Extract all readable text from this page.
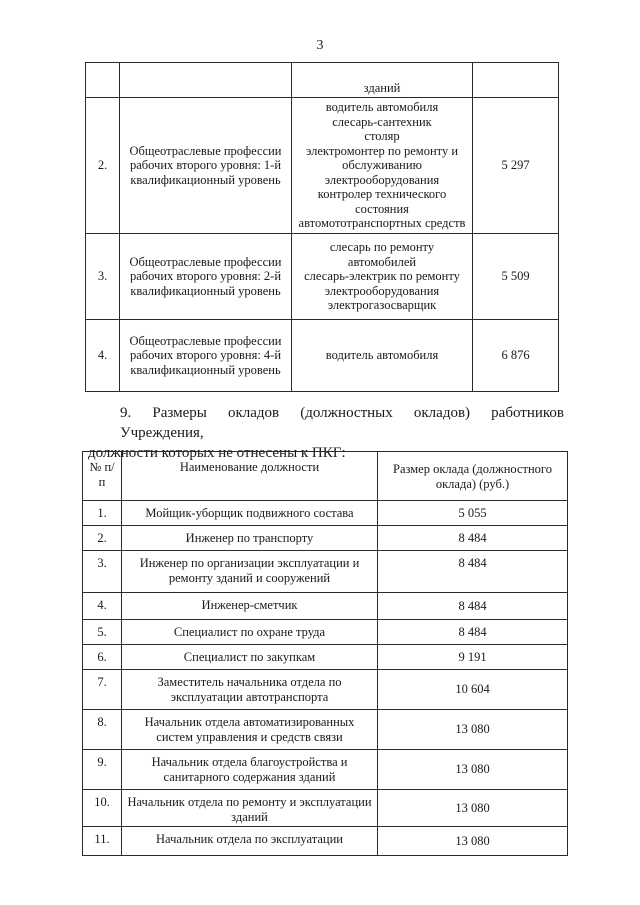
3
		зданий	
2.	Общеотраслевые профессии рабочих второго уровня: 1-й квалификационный уровень	водитель автомобиля
слесарь-сантехник
столяр
электромонтер по ремонту и обслуживанию электрооборудования
контролер технического состояния автомототранспортных средств	5 297
3.	Общеотраслевые профессии рабочих второго уровня: 2-й квалификационный уровень	слесарь по ремонту автомобилей
слесарь-электрик по ремонту электрооборудования
электрогазосварщик	5 509
4.	Общеотраслевые профессии рабочих второго уровня: 4-й квалификационный уровень	водитель автомобиля	6 876
9. Размеры окладов (должностных окладов) работников Учреждения,
должности которых не отнесены к ПКГ:
№ п/п	Наименование должности	Размер оклада (должностного оклада) (руб.)
1.	Мойщик-уборщик подвижного состава	5 055
2.	Инженер по транспорту	8 484
3.	Инженер по организации эксплуатации и ремонту зданий и сооружений	8 484
4.	Инженер-сметчик	8 484
5.	Специалист по охране труда	8 484
6.	Специалист по закупкам	9 191
7.	Заместитель начальника отдела по эксплуатации автотранспорта	10 604
8.	Начальник отдела автоматизированных систем управления и средств связи	13 080
9.	Начальник отдела благоустройства и санитарного содержания зданий	13 080
10.	Начальник отдела по ремонту и эксплуатации зданий	13 080
11.	Начальник отдела по эксплуатации	13 080
